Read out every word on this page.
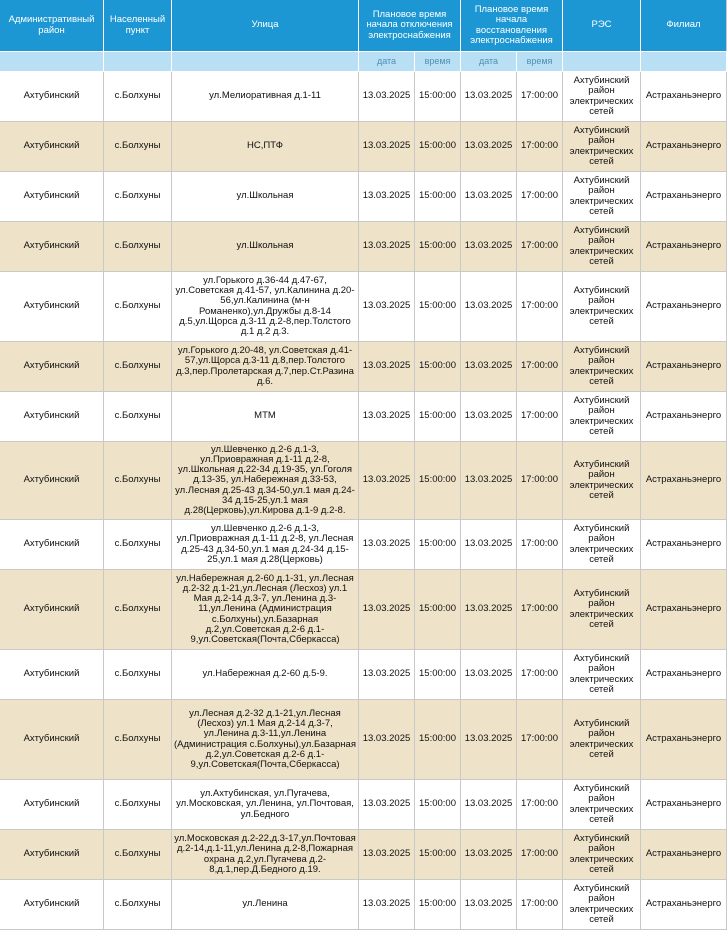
Административный район	Населенный пункт	Улица	Плановое время начала отключения электроснабжения		Плановое время начала восстановления электроснабжения		РЭС	Филиал
			дата	время	дата	время		
Ахтубинский	с.Болхуны	ул.Мелиоративная д.1-11	13.03.2025	15:00:00	13.03.2025	17:00:00	Ахтубинский район электрических сетей	Астраханьэнерго
Ахтубинский	с.Болхуны	НС,ПТФ	13.03.2025	15:00:00	13.03.2025	17:00:00	Ахтубинский район электрических сетей	Астраханьэнерго
Ахтубинский	с.Болхуны	ул.Школьная	13.03.2025	15:00:00	13.03.2025	17:00:00	Ахтубинский район электрических сетей	Астраханьэнерго
Ахтубинский	с.Болхуны	ул.Школьная	13.03.2025	15:00:00	13.03.2025	17:00:00	Ахтубинский район электрических сетей	Астраханьэнерго
Ахтубинский	с.Болхуны	ул.Горького д.36-44 д.47-67, ул.Советская д.41-57, ул.Калинина д.20-56,ул.Калинина (м-н Романенко),ул.Дружбы д.8-14 д.5,ул.Щорса д.3-11 д.2-8,пер.Толстого д.1 д.2 д.3.	13.03.2025	15:00:00	13.03.2025	17:00:00	Ахтубинский район электрических сетей	Астраханьэнерго
Ахтубинский	с.Болхуны	ул.Горького д.20-48, ул.Советская д.41-57,ул.Щорса д.3-11 д.8,пер.Толстого д.3,пер.Пролетарская д.7,пер.Ст.Разина д.6.	13.03.2025	15:00:00	13.03.2025	17:00:00	Ахтубинский район электрических сетей	Астраханьэнерго
Ахтубинский	с.Болхуны	МТМ	13.03.2025	15:00:00	13.03.2025	17:00:00	Ахтубинский район электрических сетей	Астраханьэнерго
Ахтубинский	с.Болхуны	ул.Шевченко д.2-6 д.1-3, ул.Приовражная д.1-11 д.2-8, ул.Школьная д.22-34 д.19-35, ул.Гоголя д.13-35, ул.Набережная д.33-53, ул.Лесная д.25-43 д.34-50,ул.1 мая д.24-34 д.15-25,ул.1 мая д.28(Церковь),ул.Кирова д.1-9 д.2-8.	13.03.2025	15:00:00	13.03.2025	17:00:00	Ахтубинский район электрических сетей	Астраханьэнерго
Ахтубинский	с.Болхуны	ул.Шевченко д.2-6 д.1-3, ул.Приовражная д.1-11 д.2-8, ул.Лесная д.25-43 д.34-50,ул.1 мая д.24-34 д.15-25,ул.1 мая д.28(Церковь)	13.03.2025	15:00:00	13.03.2025	17:00:00	Ахтубинский район электрических сетей	Астраханьэнерго
Ахтубинский	с.Болхуны	ул.Набережная д.2-60 д.1-31, ул.Лесная д.2-32 д.1-21,ул.Лесная (Лесхоз) ул.1 Мая д.2-14 д.3-7, ул.Ленина д.3-11,ул.Ленина (Администрация с.Болхуны),ул.Базарная д.2,ул.Советская д.2-6 д.1-9,ул.Советская(Почта,Сберкасса)	13.03.2025	15:00:00	13.03.2025	17:00:00	Ахтубинский район электрических сетей	Астраханьэнерго
Ахтубинский	с.Болхуны	ул.Набережная д.2-60 д.5-9.	13.03.2025	15:00:00	13.03.2025	17:00:00	Ахтубинский район электрических сетей	Астраханьэнерго
Ахтубинский	с.Болхуны	ул.Лесная д.2-32 д.1-21,ул.Лесная (Лесхоз) ул.1 Мая д.2-14 д.3-7, ул.Ленина д.3-11,ул.Ленина (Администрация с.Болхуны),ул.Базарная д.2,ул.Советская д.2-6 д.1-9,ул.Советская(Почта,Сберкасса)	13.03.2025	15:00:00	13.03.2025	17:00:00	Ахтубинский район электрических сетей	Астраханьэнерго
Ахтубинский	с.Болхуны	ул.Ахтубинская, ул.Пугачева, ул.Московская, ул.Ленина, ул.Почтовая, ул.Бедного	13.03.2025	15:00:00	13.03.2025	17:00:00	Ахтубинский район электрических сетей	Астраханьэнерго
Ахтубинский	с.Болхуны	ул.Московская д.2-22,д.3-17,ул.Почтовая д.2-14,д.1-11,ул.Ленина д.2-8,Пожарная охрана д.2,ул.Пугачева д.2-8,д.1,пер.Д.Бедного д.19.	13.03.2025	15:00:00	13.03.2025	17:00:00	Ахтубинский район электрических сетей	Астраханьэнерго
Ахтубинский	с.Болхуны	ул.Ленина	13.03.2025	15:00:00	13.03.2025	17:00:00	Ахтубинский район электрических сетей	Астраханьэнерго
